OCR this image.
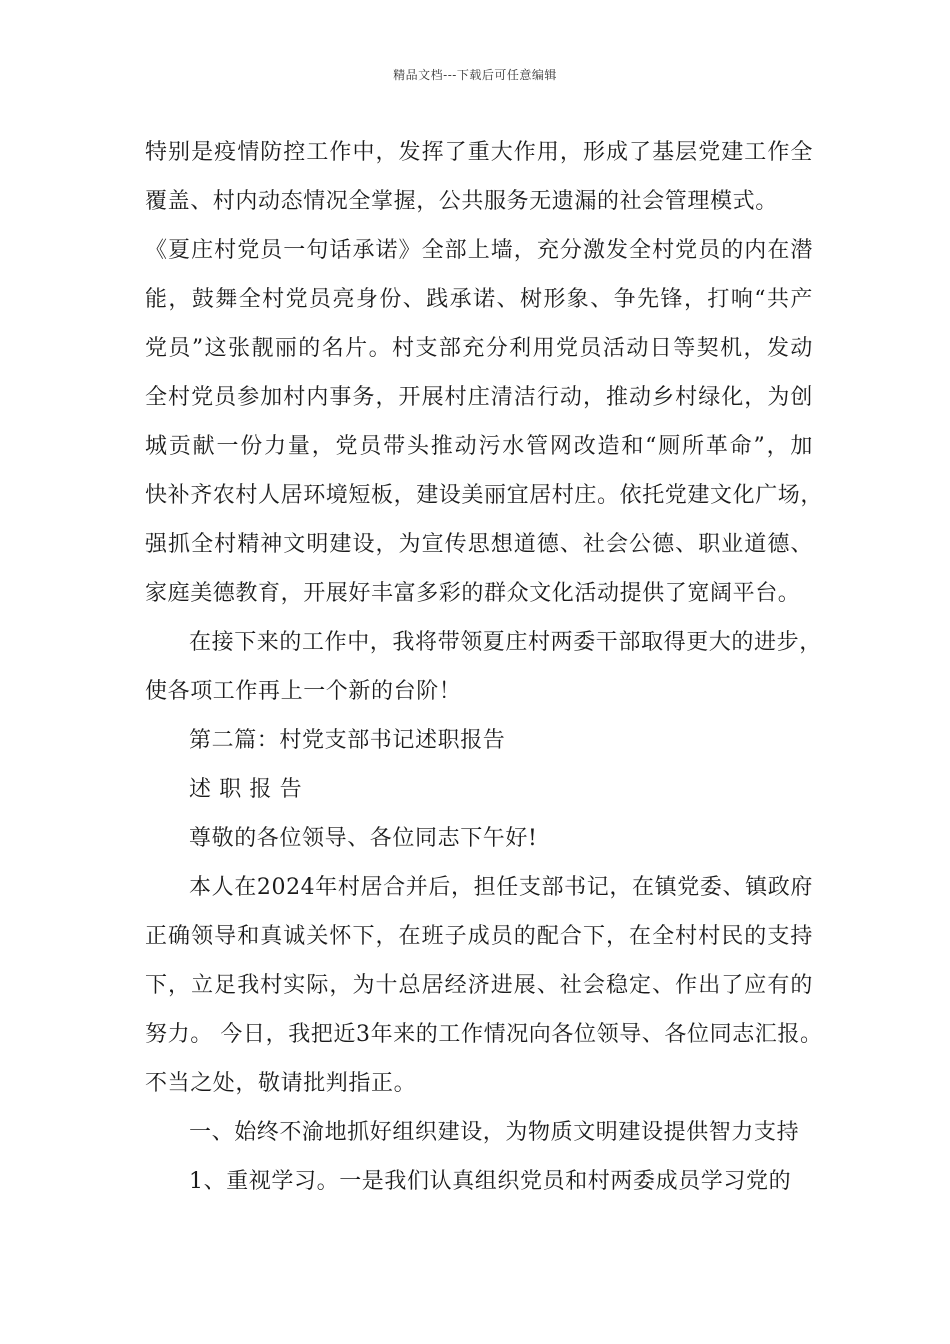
精品文档---下载后可任意编辑
特别是疫情防控工作中，发挥了重大作用，形成了基层党建工作全
覆盖、村内动态情况全掌握，公共服务无遗漏的社会管理模式。
《夏庄村党员一句话承诺》全部上墙，充分激发全村党员的内在潜
能，鼓舞全村党员亮身份、践承诺、树形象、争先锋，打响“共产
党员”这张靓丽的名片。村支部充分利用党员活动日等契机，发动
全村党员参加村内事务，开展村庄清洁行动，推动乡村绿化，为创
城贡献一份力量，党员带头推动污水管网改造和“厕所革命”，加
快补齐农村人居环境短板，建设美丽宜居村庄。依托党建文化广场，
强抓全村精神文明建设，为宣传思想道德、社会公德、职业道德、
家庭美德教育，开展好丰富多彩的群众文化活动提供了宽阔平台。
在接下来的工作中，我将带领夏庄村两委干部取得更大的进步，
使各项工作再上一个新的台阶！
第二篇：村党支部书记述职报告
述 职 报 告
尊敬的各位领导、各位同志下午好!
本人在2024年村居合并后，担任支部书记，在镇党委、镇政府
正确领导和真诚关怀下，在班子成员的配合下，在全村村民的支持
下，立足我村实际，为十总居经济进展、社会稳定、作出了应有的
努力。 今日，我把近3年来的工作情况向各位领导、各位同志汇报。
不当之处，敬请批判指正。
一、始终不渝地抓好组织建设，为物质文明建设提供智力支持
1、重视学习。一是我们认真组织党员和村两委成员学习党的
